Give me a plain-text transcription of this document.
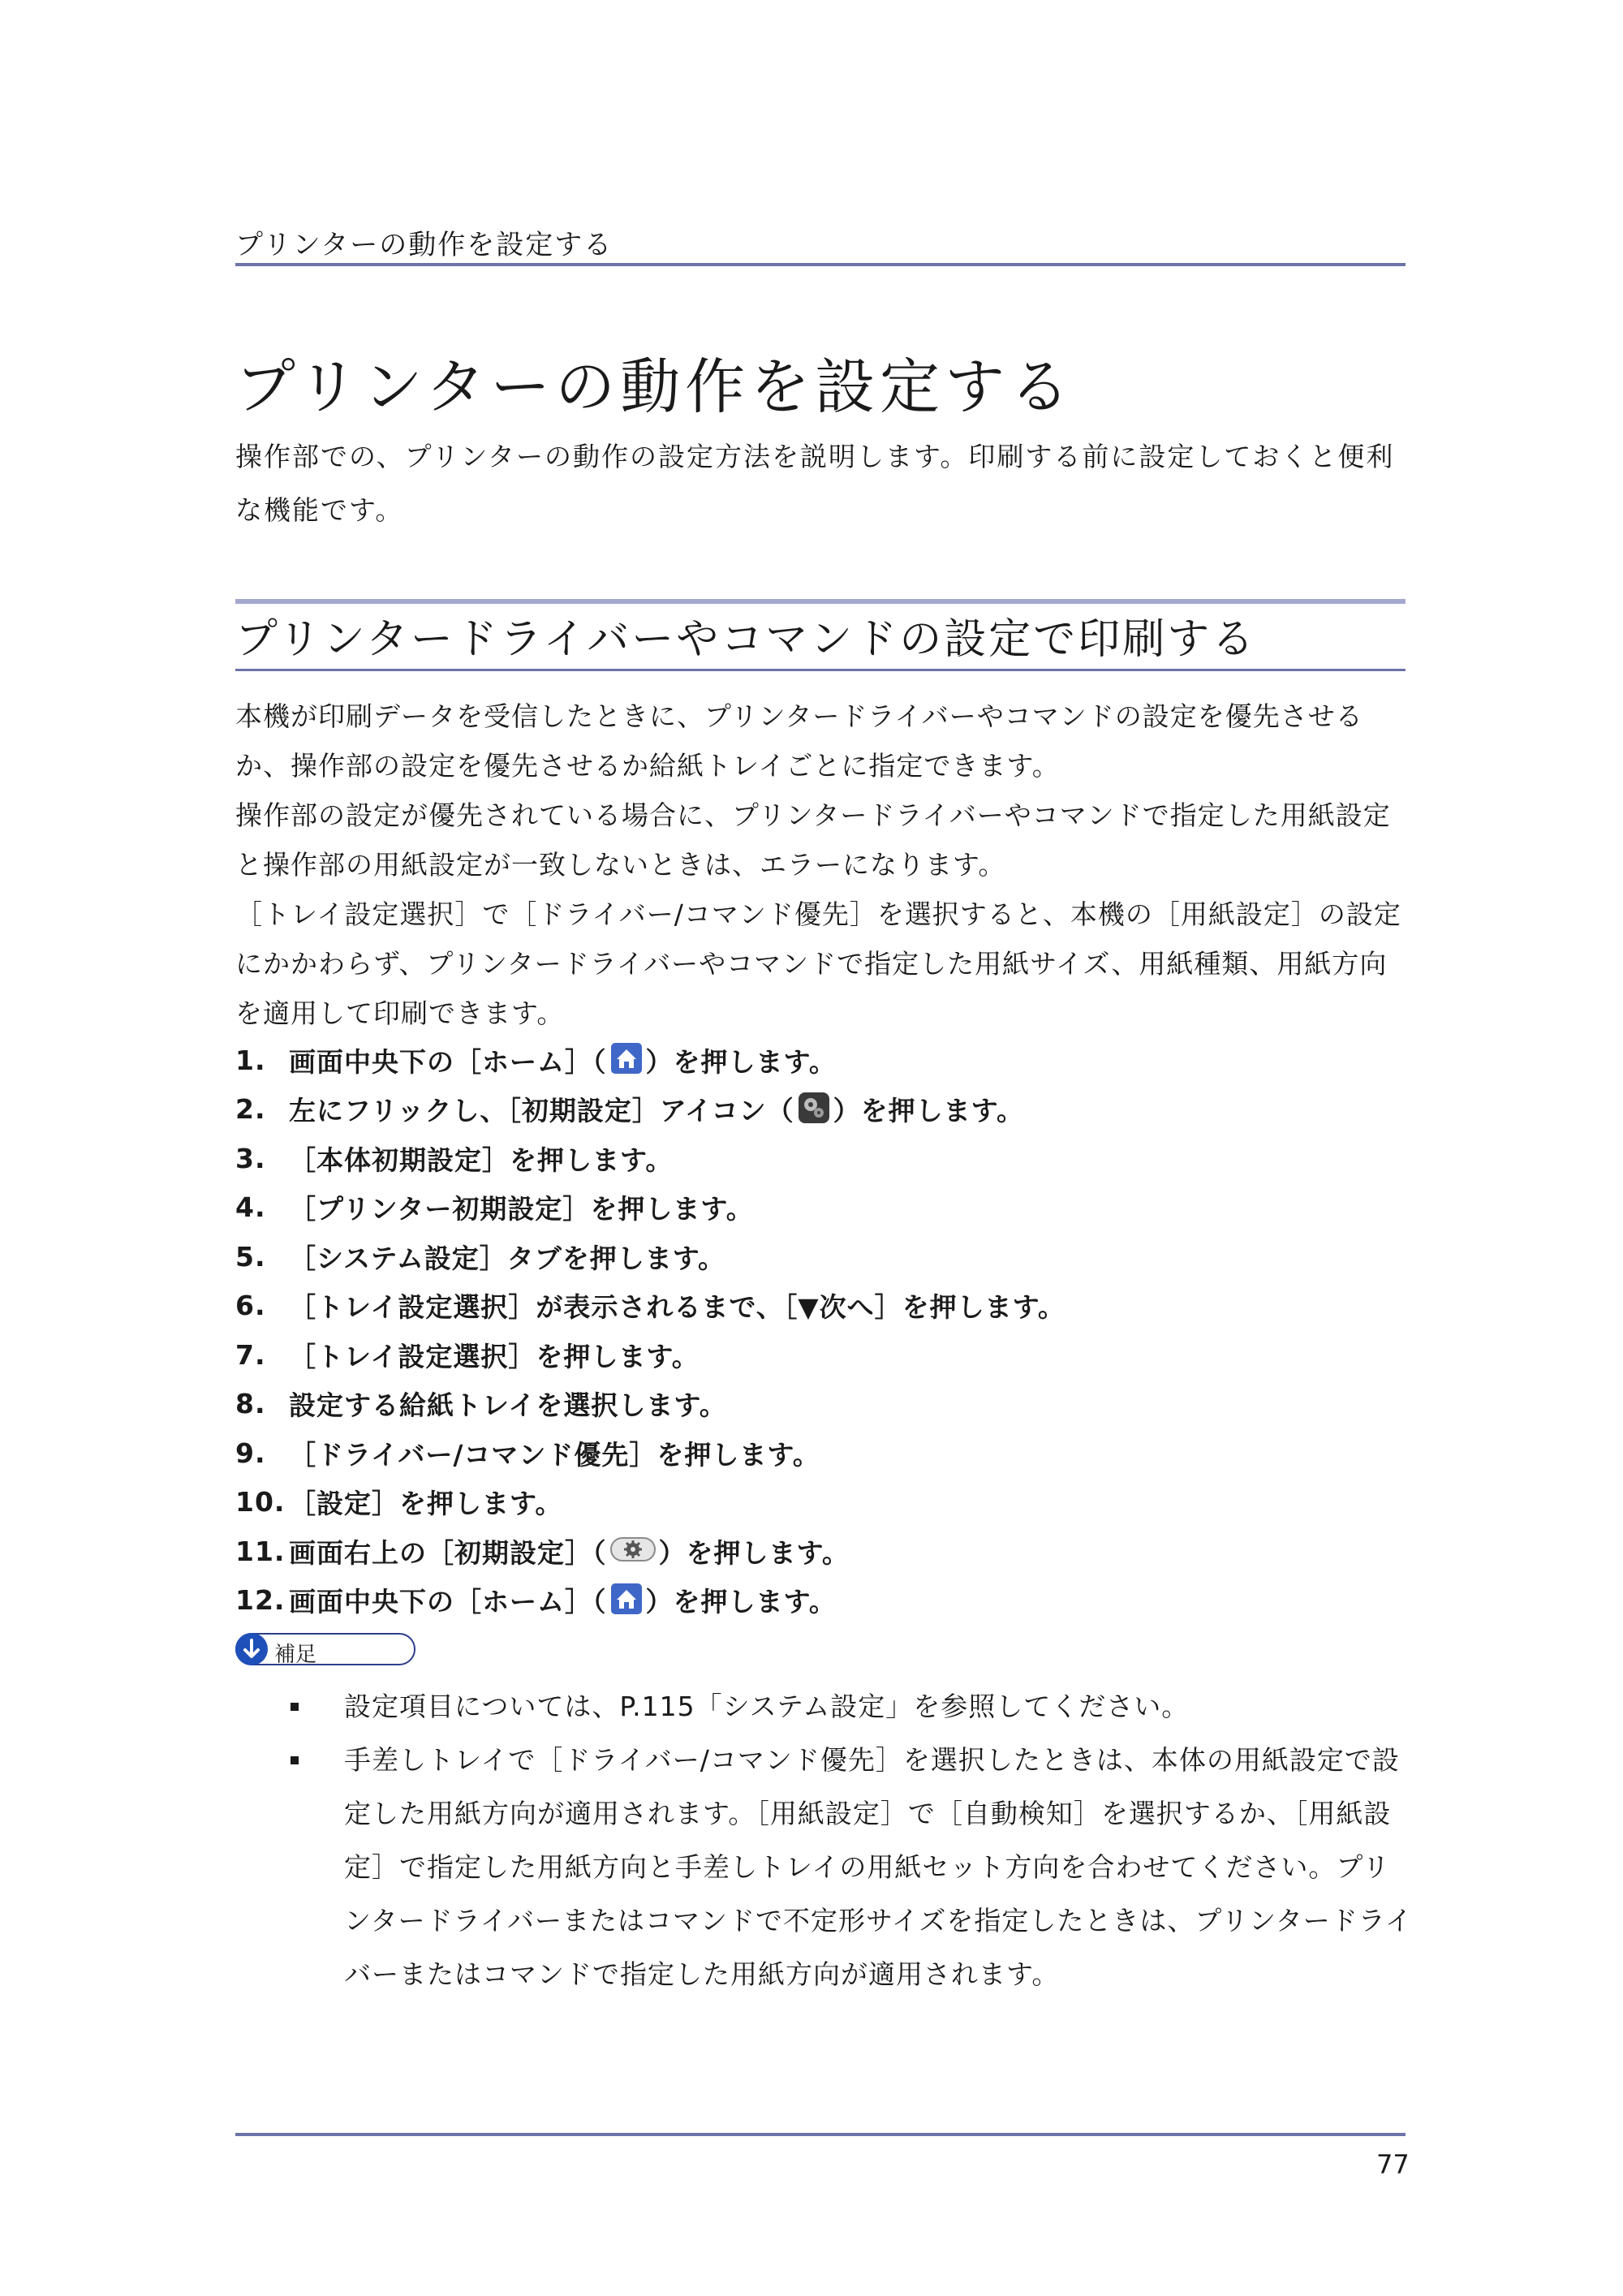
プリンターの動作を設定する
プリンターの動作を設定する
操作部での、プリンターの動作の設定方法を説明します。印刷する前に設定しておくと便利な機能です。
プリンタードライバーやコマンドの設定で印刷する

本機が印刷データを受信したときに、プリンタードライバーやコマンドの設定を優先させるか、操作部の設定を優先させるか給紙トレイごとに指定できます。

操作部の設定が優先されている場合に、プリンタードライバーやコマンドで指定した用紙設定と操作部の用紙設定が一致しないときは、エラーになります。

［トレイ設定選択］で［ドライバー/コマンド優先］を選択すると、本機の［用紙設定］の設定にかかわらず、プリンタードライバーやコマンドで指定した用紙サイズ、用紙種類、用紙方向を適用して印刷できます。

1. 画面中央下の［ホーム］（ ）を押します。
2. 左にフリックし、［初期設定］アイコン（ ）を押します。
3. ［本体初期設定］を押します。
4. ［プリンター初期設定］を押します。
5. ［システム設定］タブを押します。
6. ［トレイ設定選択］が表示されるまで、［▼次へ］を押します。
7. ［トレイ設定選択］を押します。
8. 設定する給紙トレイを選択します。
9. ［ドライバー/コマンド優先］を押します。
10. ［設定］を押します。
11. 画面右上の［初期設定］（ ）を押します。
12. 画面中央下の［ホーム］（ ）を押します。
補足
設定項目については、P.115「システム設定」を参照してください。
手差しトレイで［ドライバー/コマンド優先］を選択したときは、本体の用紙設定で設定した用紙方向が適用されます。［用紙設定］で［自動検知］を選択するか、［用紙設定］で指定した用紙方向と手差しトレイの用紙セット方向を合わせてください。プリンタードライバーまたはコマンドで不定形サイズを指定したときは、プリンタードライバーまたはコマンドで指定した用紙方向が適用されます。
77
